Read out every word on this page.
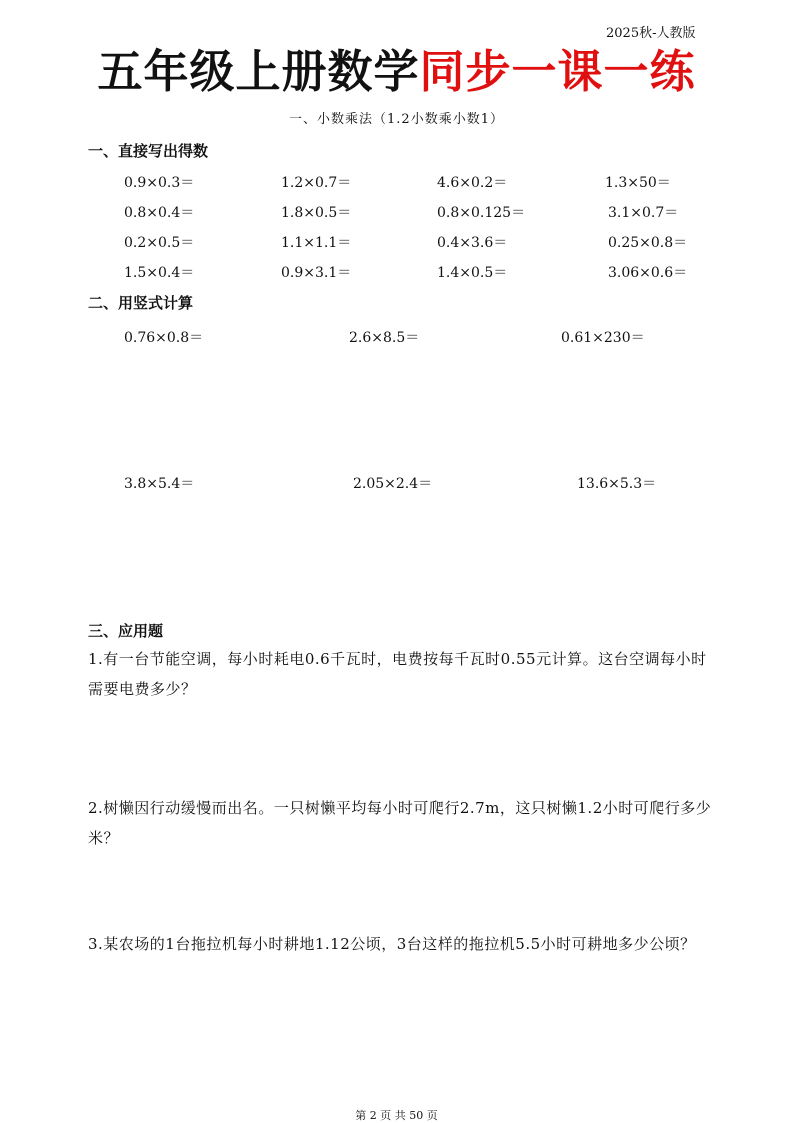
2025秋-人教版
五年级上册数学同步一课一练
一、小数乘法（1.2小数乘小数1）
一、直接写出得数
0.9×0.3＝	1.2×0.7＝	4.6×0.2＝	1.3×50＝
0.8×0.4＝	1.8×0.5＝	0.8×0.125＝	3.1×0.7＝
0.2×0.5＝	1.1×1.1＝	0.4×3.6＝	0.25×0.8＝
1.5×0.4＝	0.9×3.1＝	1.4×0.5＝	3.06×0.6＝
二、用竖式计算
0.76×0.8＝	2.6×8.5＝	0.61×230＝
3.8×5.4＝	2.05×2.4＝	13.6×5.3＝
三、应用题
1.有一台节能空调，每小时耗电0.6千瓦时，电费按每千瓦时0.55元计算。这台空调每小时需要电费多少？
2.树懒因行动缓慢而出名。一只树懒平均每小时可爬行2.7m，这只树懒1.2小时可爬行多少米？
3.某农场的1台拖拉机每小时耕地1.12公顷，3台这样的拖拉机5.5小时可耕地多少公顷？
第 2 页 共 50 页
